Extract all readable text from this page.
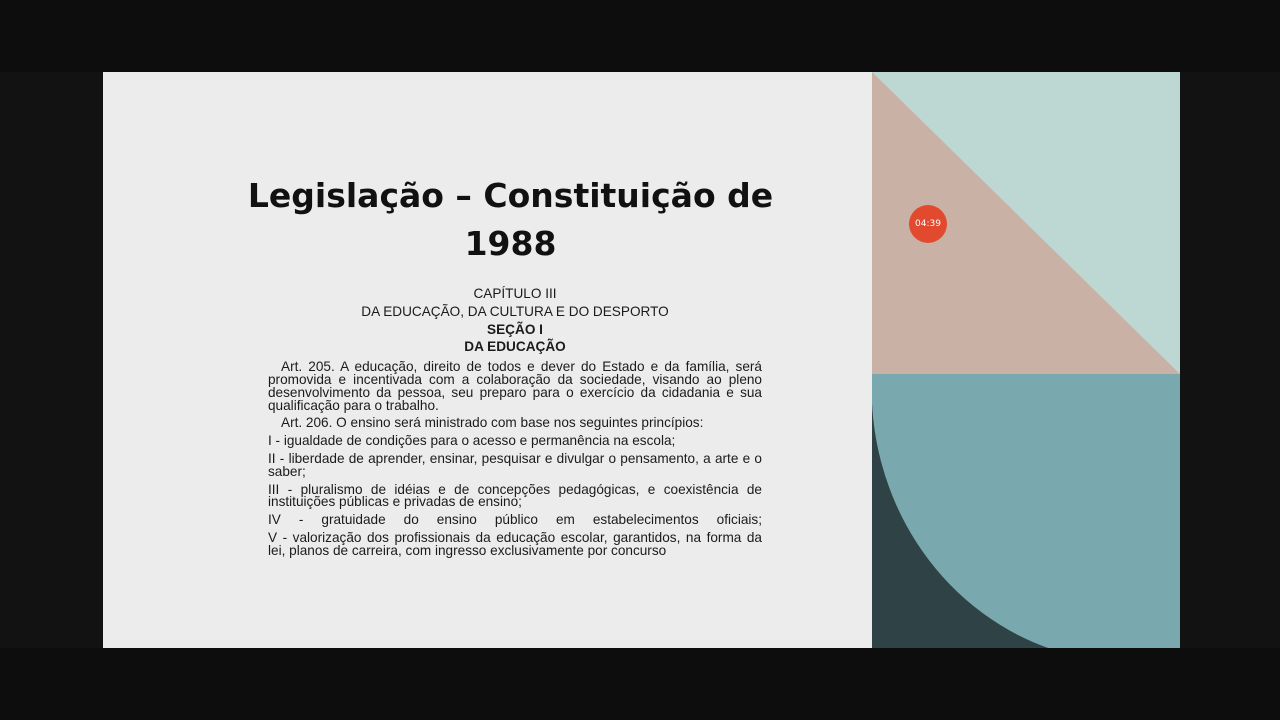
Legislação – Constituição de
1988
CAPÍTULO III
DA EDUCAÇÃO, DA CULTURA E DO DESPORTO
SEÇÃO I
DA EDUCAÇÃO

Art. 205. A educação, direito de todos e dever do Estado e da família, será promovida e incentivada com a colaboração da sociedade, visando ao pleno desenvolvimento da pessoa, seu preparo para o exercício da cidadania e sua qualificação para o trabalho.

Art. 206. O ensino será ministrado com base nos seguintes princípios:

I - igualdade de condições para o acesso e permanência na escola;

II - liberdade de aprender, ensinar, pesquisar e divulgar o pensamento, a arte e o saber;

III - pluralismo de idéias e de concepções pedagógicas, e coexistência de instituições públicas e privadas de ensino;

IV - gratuidade do ensino público em estabelecimentos oficiais;

V - valorização dos profissionais da educação escolar, garantidos, na forma da lei, planos de carreira, com ingresso exclusivamente por concurso

04:39
